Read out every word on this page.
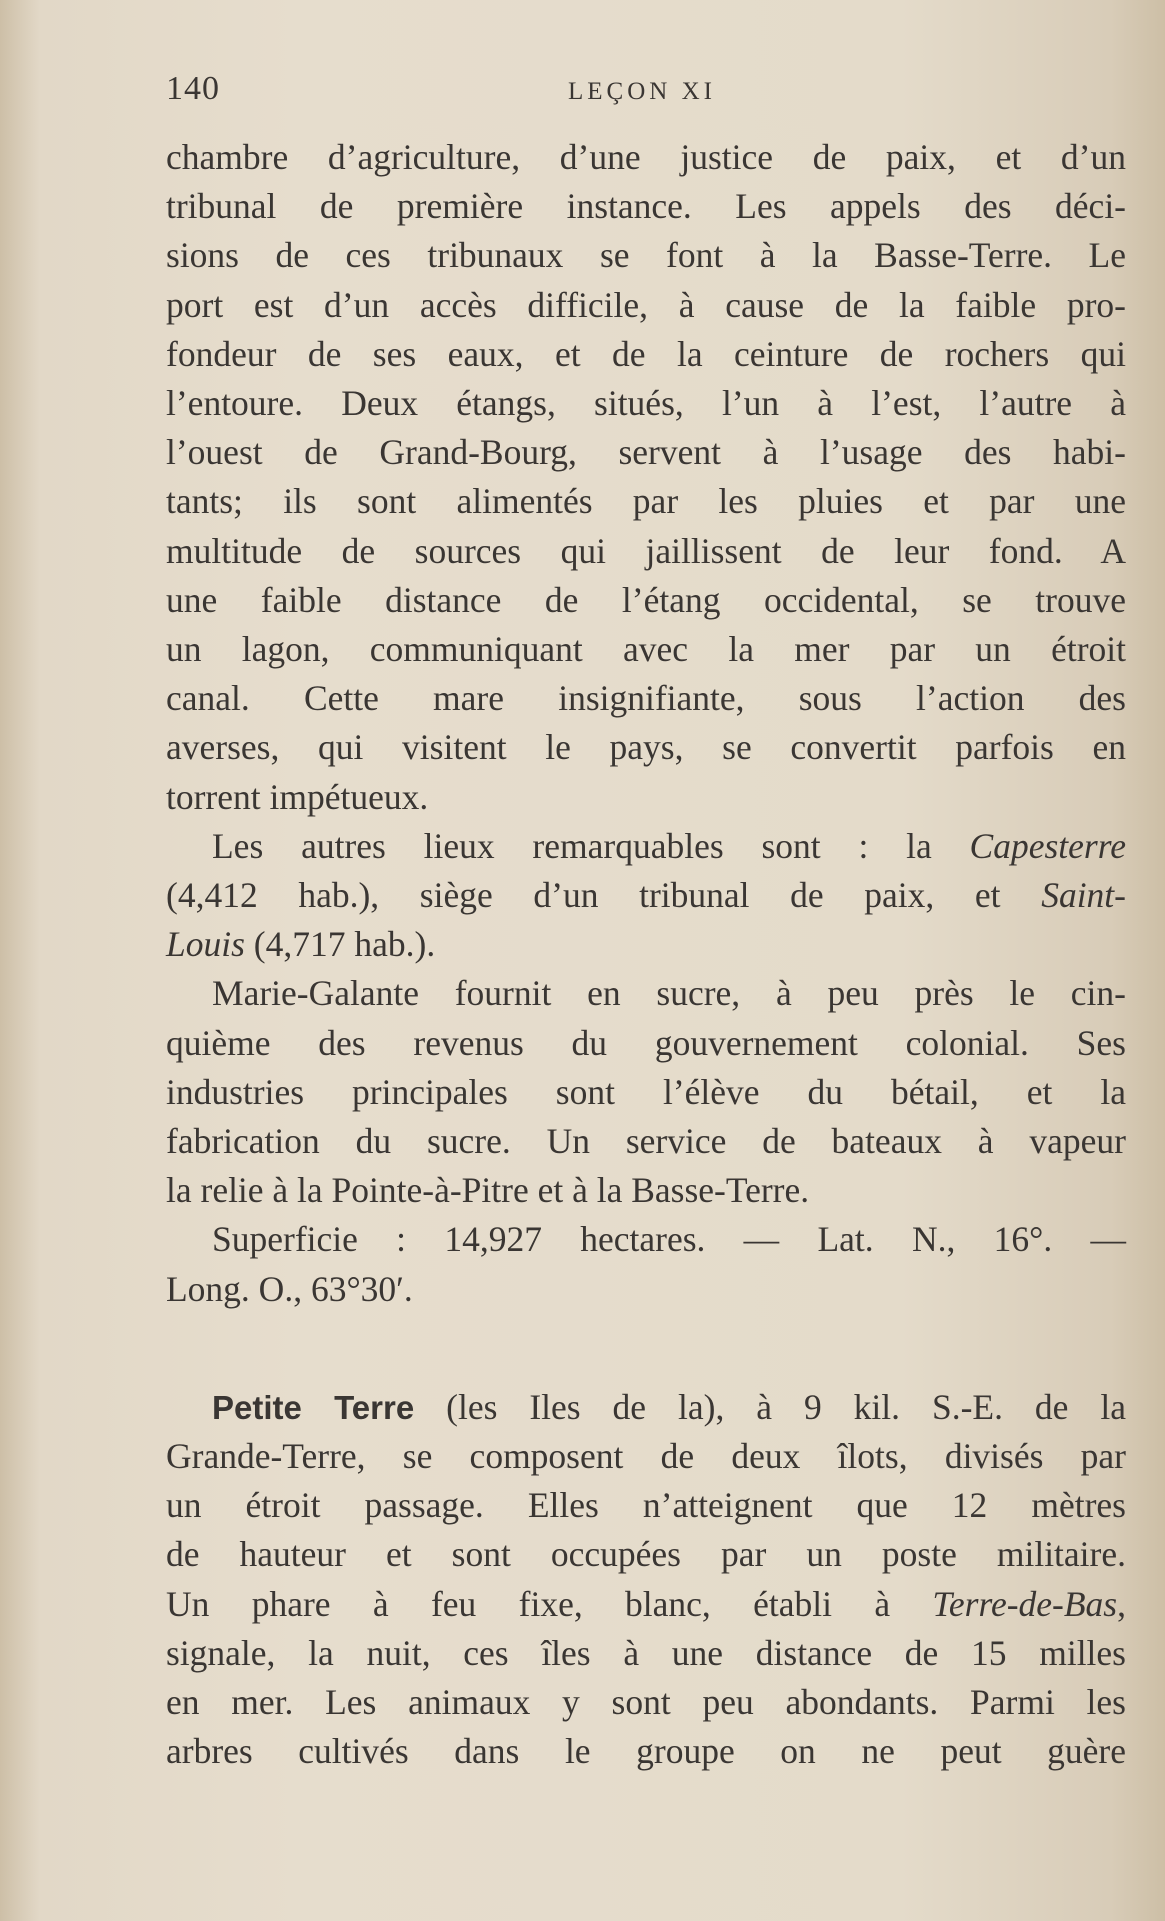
140	LEÇON XI
chambre d’agriculture, d’une justice de paix, et d’un
tribunal de première instance. Les appels des déci-
sions de ces tribunaux se font à la Basse-Terre. Le
port est d’un accès difficile, à cause de la faible pro-
fondeur de ses eaux, et de la ceinture de rochers qui
l’entoure. Deux étangs, situés, l’un à l’est, l’autre à
l’ouest de Grand-Bourg, servent à l’usage des habi-
tants; ils sont alimentés par les pluies et par une
multitude de sources qui jaillissent de leur fond. A
une faible distance de l’étang occidental, se trouve
un lagon, communiquant avec la mer par un étroit
canal. Cette mare insignifiante, sous l’action des
averses, qui visitent le pays, se convertit parfois en
torrent impétueux.
Les autres lieux remarquables sont : la Capesterre
(4,412 hab.), siège d’un tribunal de paix, et Saint-
Louis (4,717 hab.).
Marie-Galante fournit en sucre, à peu près le cin-
quième des revenus du gouvernement colonial. Ses
industries principales sont l’élève du bétail, et la
fabrication du sucre. Un service de bateaux à vapeur
la relie à la Pointe-à-Pitre et à la Basse-Terre.
Superficie : 14,927 hectares. — Lat. N., 16°. —
Long. O., 63°30′.
Petite Terre (les Iles de la), à 9 kil. S.-E. de la
Grande-Terre, se composent de deux îlots, divisés par
un étroit passage. Elles n’atteignent que 12 mètres
de hauteur et sont occupées par un poste militaire.
Un phare à feu fixe, blanc, établi à Terre-de-Bas,
signale, la nuit, ces îles à une distance de 15 milles
en mer. Les animaux y sont peu abondants. Parmi les
arbres cultivés dans le groupe on ne peut guère
